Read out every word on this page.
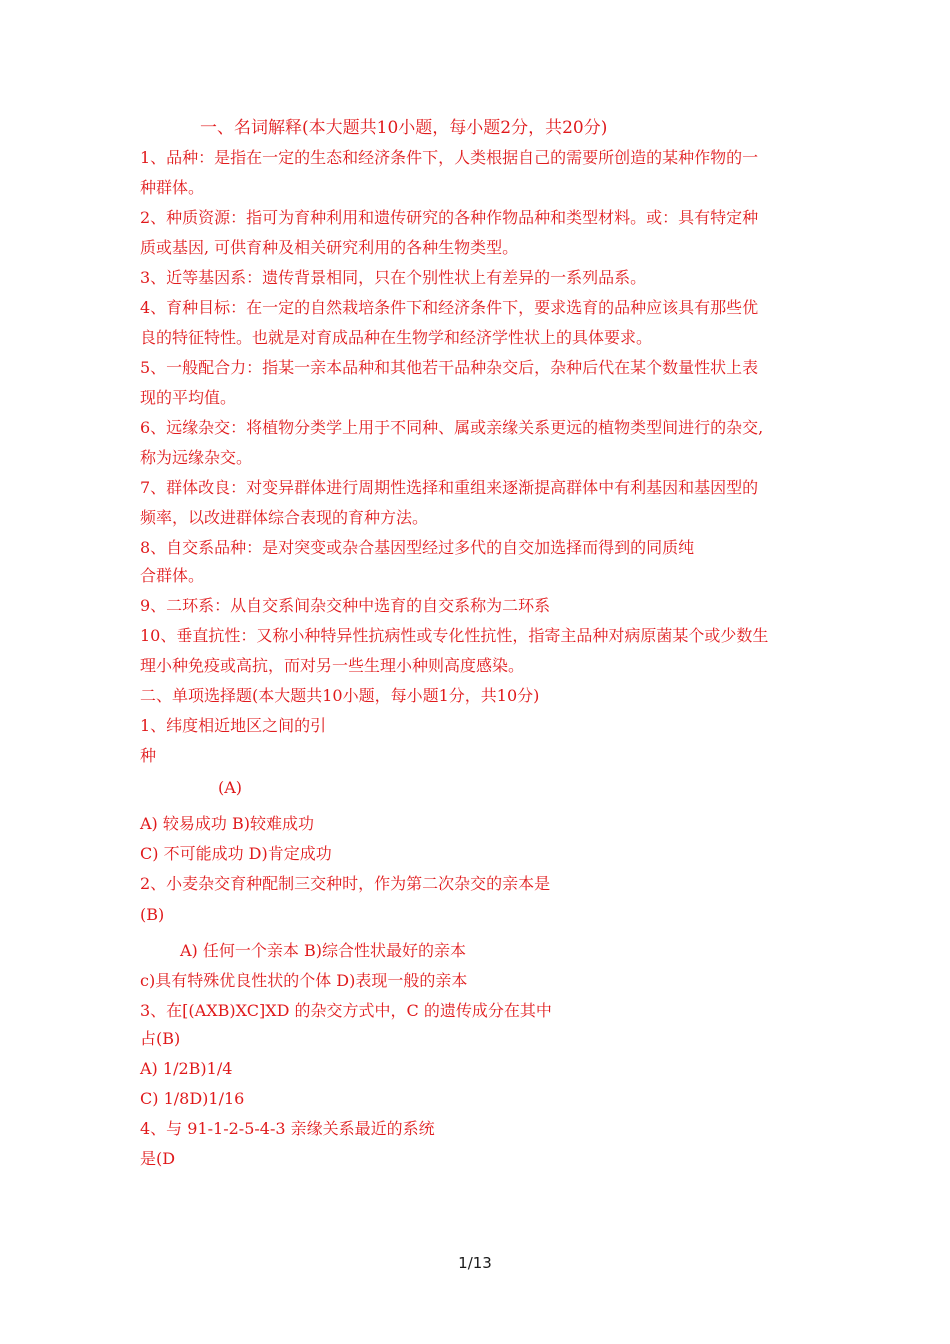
一、名词解释(本大题共10小题，每小题2分，共20分)
1、品种：是指在一定的生态和经济条件下，人类根据自己的需要所创造的某种作物的一
种群体。
2、种质资源：指可为育种利用和遗传研究的各种作物品种和类型材料。或：具有特定种
质或基因, 可供育种及相关研究利用的各种生物类型。
3、近等基因系：遗传背景相同，只在个别性状上有差异的一系列品系。
4、育种目标：在一定的自然栽培条件下和经济条件下，要求选育的品种应该具有那些优
良的特征特性。也就是对育成品种在生物学和经济学性状上的具体要求。
5、一般配合力：指某一亲本品种和其他若干品种杂交后，杂种后代在某个数量性状上表
现的平均值。
6、远缘杂交：将植物分类学上用于不同种、属或亲缘关系更远的植物类型间进行的杂交,
称为远缘杂交。
7、群体改良：对变异群体进行周期性选择和重组来逐渐提高群体中有利基因和基因型的
频率，以改进群体综合表现的育种方法。
8、自交系品种：是对突变或杂合基因型经过多代的自交加选择而得到的同质纯
合群体。
9、二环系：从自交系间杂交种中选育的自交系称为二环系
10、垂直抗性：又称小种特异性抗病性或专化性抗性，指寄主品种对病原菌某个或少数生
理小种免疫或高抗，而对另一些生理小种则高度感染。
二、单项选择题(本大题共10小题，每小题1分，共10分)
1、纬度相近地区之间的引
种
(A)
A) 较易成功 B)较难成功
C) 不可能成功 D)肯定成功
2、小麦杂交育种配制三交种时，作为第二次杂交的亲本是
(B)
A) 任何一个亲本 B)综合性状最好的亲本
c)具有特殊优良性状的个体 D)表现一般的亲本
3、在[(AXB)XC]XD 的杂交方式中，C 的遗传成分在其中
占(B)
A) 1/2B)1/4
C) 1/8D)1/16
4、与 91-1-2-5-4-3 亲缘关系最近的系统
是(D
1/13
